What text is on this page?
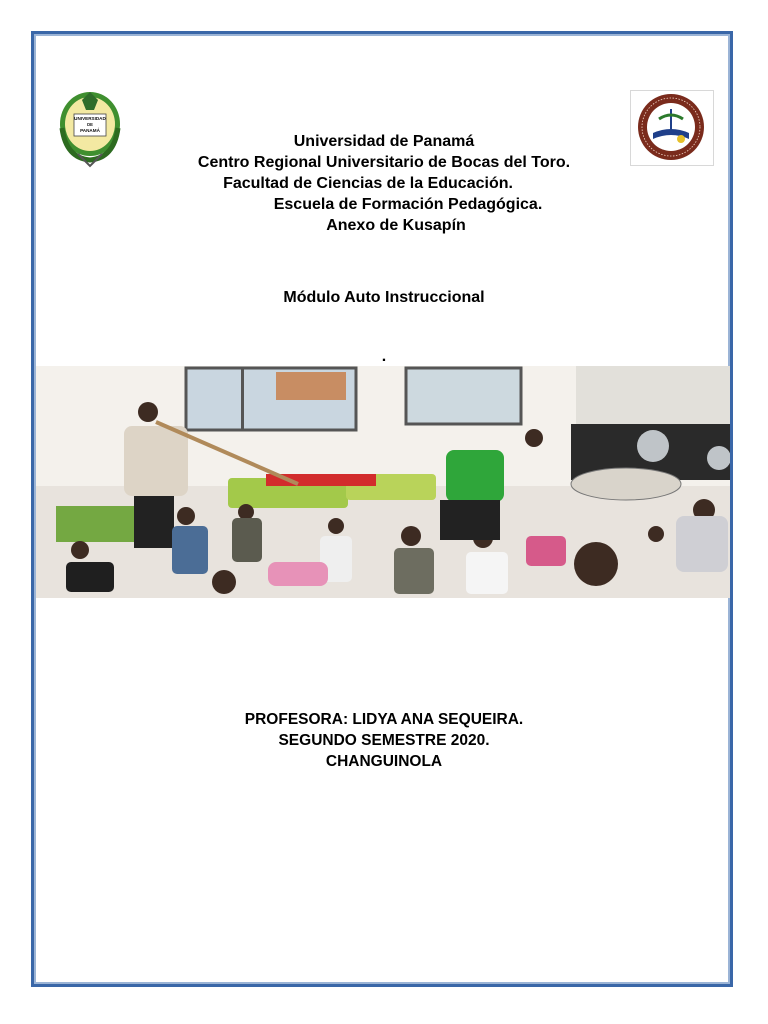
UNIVERSIDAD
DE
PANAMÁ
Universidad de Panamá
Centro Regional Universitario de Bocas del Toro.
Facultad de Ciencias de la Educación.
Escuela de Formación Pedagógica.
Anexo de Kusapín
Módulo Auto Instruccional
.
PROFESORA: LIDYA ANA SEQUEIRA.
SEGUNDO SEMESTRE 2020.
CHANGUINOLA
